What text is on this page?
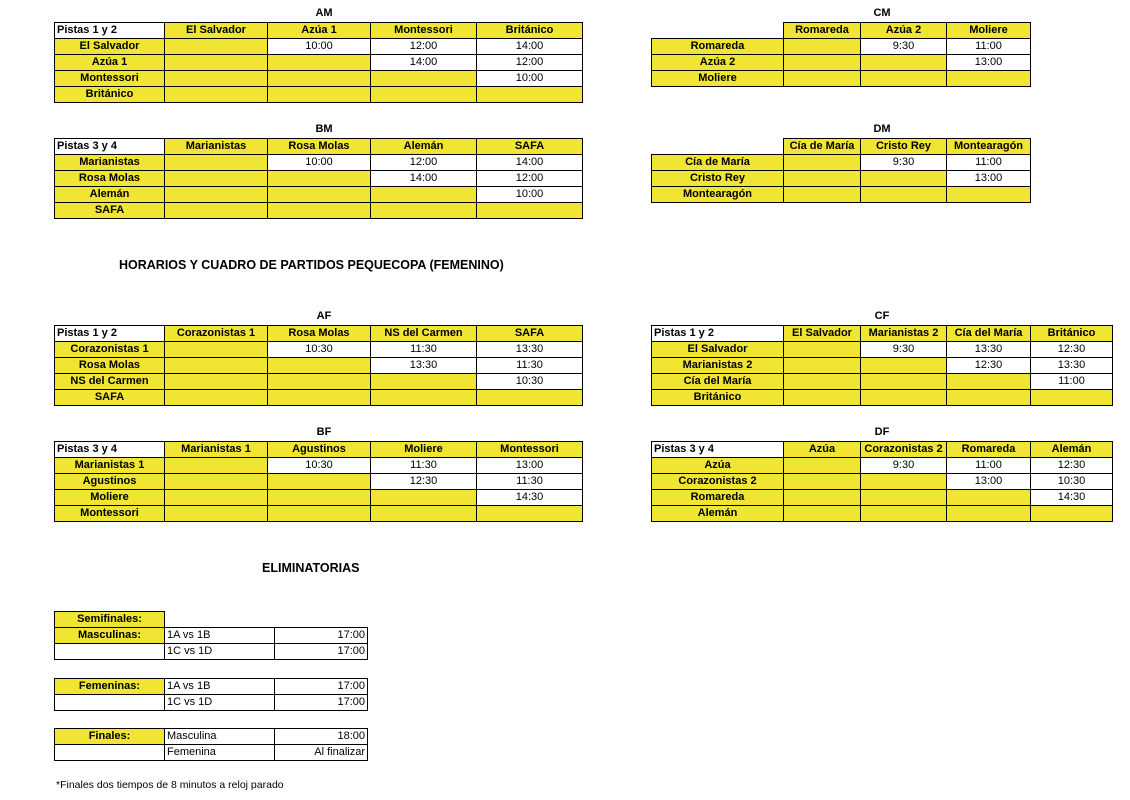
AM
Pistas 1 y 2	El Salvador	Azúa 1	Montessori	Británico
El Salvador		10:00	12:00	14:00
Azúa 1			14:00	12:00
Montessori				10:00
Británico				
BM
Pistas 3 y 4	Marianistas	Rosa Molas	Alemán	SAFA
Marianistas		10:00	12:00	14:00
Rosa Molas			14:00	12:00
Alemán				10:00
SAFA				
CM
	Romareda	Azúa 2	Moliere
Romareda		9:30	11:00
Azúa 2			13:00
Moliere			
DM
	Cía de María	Cristo Rey	Montearagón
Cía de María		9:30	11:00
Cristo Rey			13:00
Montearagón			
HORARIOS Y CUADRO DE PARTIDOS PEQUECOPA (FEMENINO)
AF
Pistas 1 y 2	Corazonistas 1	Rosa Molas	NS del Carmen	SAFA
Corazonistas 1		10:30	11:30	13:30
Rosa Molas			13:30	11:30
NS del Carmen				10:30
SAFA				
BF
Pistas 3 y 4	Marianistas 1	Agustinos	Moliere	Montessori
Marianistas 1		10:30	11:30	13:00
Agustinos			12:30	11:30
Moliere				14:30
Montessori				
CF
Pistas 1 y 2	El Salvador	Marianistas 2	Cía del María	Británico
El Salvador		9:30	13:30	12:30
Marianistas 2			12:30	13:30
Cía del María				11:00
Británico				
DF
Pistas 3 y 4	Azúa	Corazonistas 2	Romareda	Alemán
Azúa		9:30	11:00	12:30
Corazonistas 2			13:00	10:30
Romareda				14:30
Alemán				
ELIMINATORIAS
Semifinales:		
Masculinas:	1A vs 1B	17:00
	1C vs 1D	17:00
Femeninas:	1A vs 1B	17:00
	1C vs 1D	17:00
Finales:	Masculina	18:00
	Femenina	Al finalizar
*Finales dos tiempos de 8 minutos a reloj parado
